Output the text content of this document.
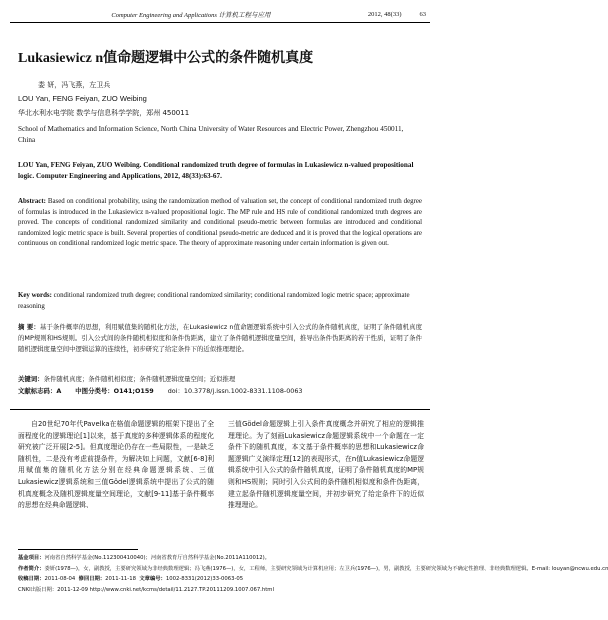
Computer Engineering and Applications 计算机工程与应用	2012, 48(33)	63
Lukasiewicz n值命题逻辑中公式的条件随机真度
娄 妍，冯飞燕，左卫兵
LOU Yan, FENG Feiyan, ZUO Weibing
华北水利水电学院 数学与信息科学学院，郑州 450011
School of Mathematics and Information Science, North China University of Water Resources and Electric Power, Zhengzhou 450011, China
LOU Yan, FENG Feiyan, ZUO Weibing. Conditional randomized truth degree of formulas in Lukasiewicz n-valued propositional logic. Computer Engineering and Applications, 2012, 48(33):63-67.
Abstract: Based on conditional probability, using the randomization method of valuation set, the concept of conditional randomized truth degree of formulas is introduced in the Lukasiewicz n-valued propositional logic. The MP rule and HS rule of conditional randomized truth degrees are proved. The concepts of conditional randomized similarity and conditional pseudo-metric between formulas are introduced and conditional randomized logic metric space is built. Several properties of conditional pseudo-metric are deduced and it is proved that the logical operations are continuous on conditional randomized logic metric space. The theory of approximate reasoning under certain information is given out.
Key words: conditional randomized truth degree; conditional randomized similarity; conditional randomized logic metric space; approximate reasoning
摘 要：基于条件概率的思想，利用赋值集的随机化方法，在Lukasiewicz n值命题逻辑系统中引入公式的条件随机真度，证明了条件随机真度的MP规则和HS规则。引入公式间的条件随机相似度和条件伪距离，建立了条件随机逻辑度量空间，推导出条件伪距离的若干性质，证明了条件随机逻辑度量空间中逻辑运算的连续性，初步研究了给定条件下的近似推理理论。
关键词：条件随机真度；条件随机相似度；条件随机逻辑度量空间；近似推理
文献标志码：A 中图分类号：O141;O159 doi：10.3778/j.issn.1002-8331.1108-0063
自20世纪70年代Pavelka在格值命题逻辑的框架下提出了全面程度化的逻辑理论[1]以来，基于真度的多种逻辑体系的程度化研究被广泛开展[2-5]。但真度理论仍存在一些局限性，一是缺乏随机性，二是没有考虑前提条件，为解决如上问题，文献[6-8]利用赋值集的随机化方法分别在经典命题逻辑系统、三值Lukasiewicz逻辑系统和三值Gödel逻辑系统中提出了公式的随机真度概念及随机逻辑度量空间理论，文献[9-11]基于条件概率的思想在经典命题逻辑、
三值Gödel命题逻辑上引入条件真度概念并研究了相应的逻辑推理理论。为了刻画Lukasiewicz命题逻辑系统中一个命题在一定条件下的随机真度，本文基于条件概率的思想和Lukasiewicz命题逻辑广义演绎定理[12]的表现形式，在n值Lukasiewicz命题逻辑系统中引入公式的条件随机真度，证明了条件随机真度的MP规则和HS规则；同时引入公式间的条件随机相似度和条件伪距离，建立起条件随机逻辑度量空间，并初步研究了给定条件下的近似推理理论。
基金项目：河南省自然科学基金(No.112300410040)；河南省教育厅自然科学基金(No.2011A110012)。
作者简介：娄妍(1978—)，女，副教授，主要研究领域为非经典数理逻辑；冯飞燕(1976—)，女，工程师，主要研究领域为计算机应用；左卫兵(1976—)，男，副教授，主要研究领域为不确定性推理、非经典数理逻辑。E-mail: louyan@ncwu.edu.cn
收稿日期：2011-08-04 修回日期：2011-11-18 文章编号：1002-8331(2012)33-0063-05
CNKI出版日期：2011-12-09 http://www.cnki.net/kcms/detail/11.2127.TP.20111209.1007.067.html
